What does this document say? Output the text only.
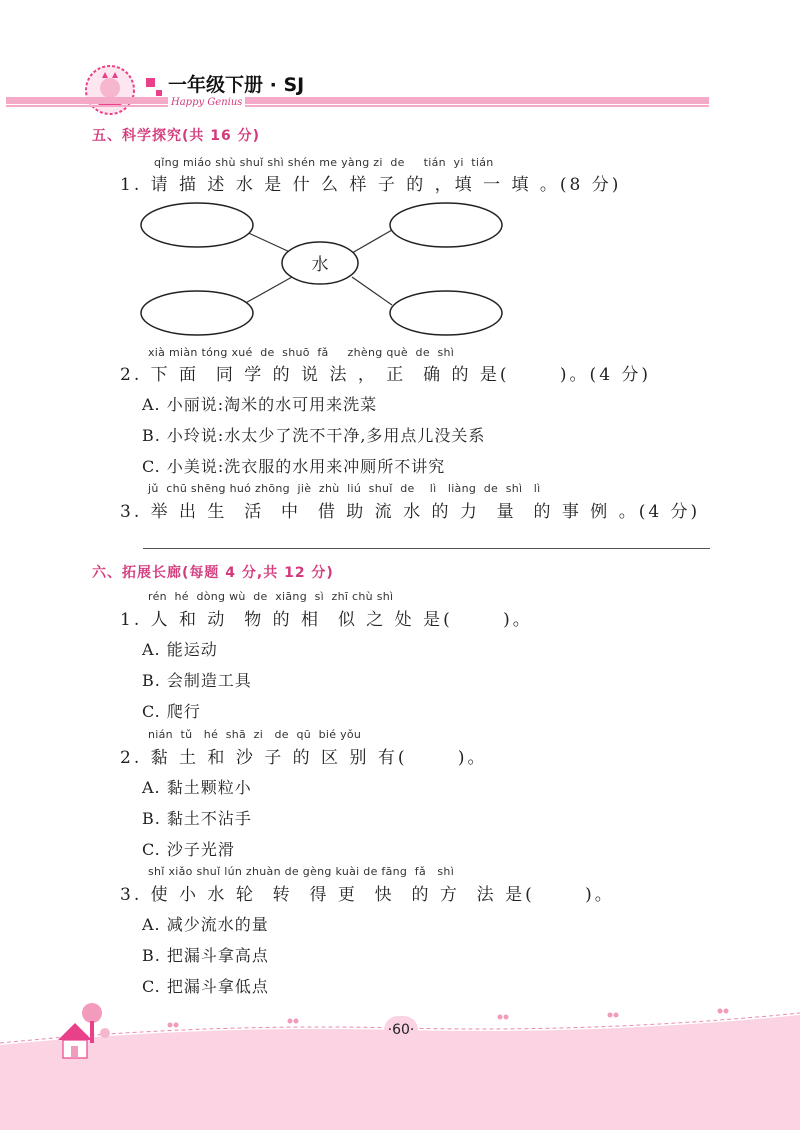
一年级下册 · SJ
Happy Genius
五、科学探究(共 16 分)
qǐng miáo shù shuǐ shì shén me yàng zi  de     tián  yi  tián
1. 请 描 述 水 是 什 么 样 子 的 ，填 一 填 。(8 分)
水
xià miàn tóng xué  de  shuō  fǎ     zhèng què  de  shì
2. 下 面  同 学 的 说 法 ， 正  确 的 是(      )。(4 分)
A. 小丽说:淘米的水可用来洗菜
B. 小玲说:水太少了洗不干净,多用点儿没关系
C. 小美说:洗衣服的水用来冲厕所不讲究
jǔ  chū shēng huó zhōng  jiè  zhù  liú  shuǐ  de    lì   liàng  de  shì   lì
3. 举 出 生  活  中  借 助 流 水 的 力  量  的 事 例 。(4 分)
六、拓展长廊(每题 4 分,共 12 分)
rén  hé  dòng wù  de  xiāng  sì  zhī chù shì
1. 人 和 动  物 的 相  似 之 处 是(      )。
A. 能运动
B. 会制造工具
C. 爬行
nián  tǔ   hé  shā  zi   de  qū  bié yǒu
2. 黏 土 和 沙 子 的 区 别 有(      )。
A. 黏土颗粒小
B. 黏土不沾手
C. 沙子光滑
shǐ xiǎo shuǐ lún zhuàn de gèng kuài de fāng  fǎ   shì
3. 使 小 水 轮  转  得 更  快  的 方  法 是(      )。
A. 减少流水的量
B. 把漏斗拿高点
C. 把漏斗拿低点
·60·
